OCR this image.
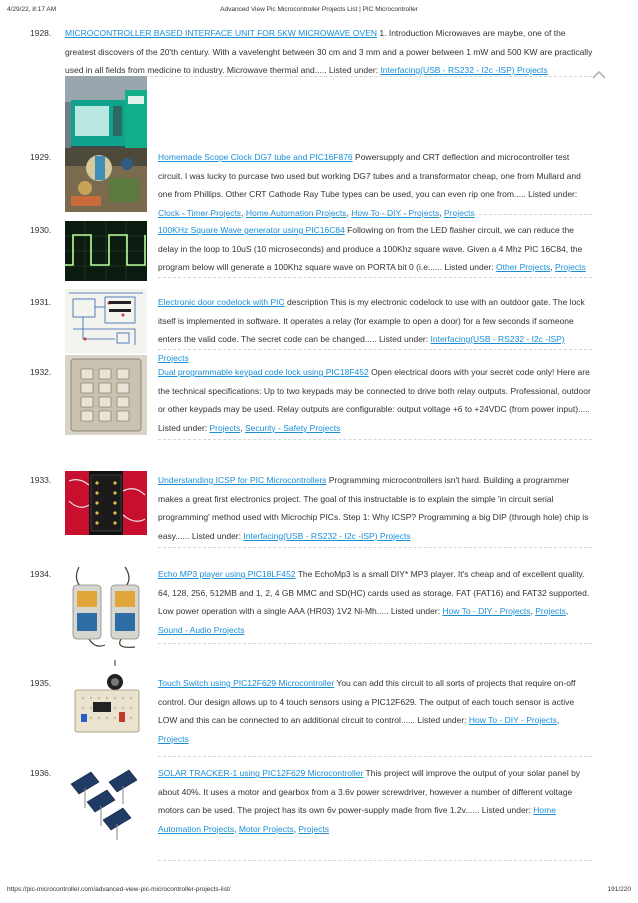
4/29/22, 8:17 AM	Advanced View Pic Microcontroller Projects List | PIC Microcontroller
1928. MICROCONTROLLER BASED INTERFACE UNIT FOR 5KW MICROWAVE OVEN 1. Introduction Microwaves are maybe, one of the greatest discovers of the 20'th century. With a vavelenght between 30 cm and 3 mm and a power between 1 mW and 500 KW are practically used in all fields from medicine to industry. Microwave thermal and..... Listed under: Interfacing(USB - RS232 - I2c -ISP) Projects
1929.	Homemade Scope Clock DG7 tube and PIC16F876 Powersupply and CRT deflection and microcontroller test circuit. I was lucky to purcase two used but working DG7 tubes and a transformator cheap, one from Mullard and one from Phillips. Other CRT Cathode Ray Tube types can be used, you can even rip one from..... Listed under: Clock - Timer Projects, Home Automation Projects, How To - DIY - Projects, Projects
1930.	100KHz Square Wave generator using PIC16C84 Following on from the LED flasher circuit, we can reduce the delay in the loop to 10uS (10 microseconds) and produce a 100Khz square wave. Given a 4 Mhz PIC 16C84, the program below will generate a 100Khz square wave on PORTA bit 0 (i.e...... Listed under: Other Projects, Projects
1931.	Electronic door codelock with PIC description This is my electronic codelock to use with an outdoor gate. The lock itself is implemented in software. It operates a relay (for example to open a door) for a few seconds if someone enters the valid code. The secret code can be changed..... Listed under: Interfacing(USB - RS232 - I2c -ISP) Projects
1932.	Dual programmable keypad code lock using PIC18F452 Open electrical doors with your secret code only! Here are the technical specifications: Up to two keypads may be connected to drive both relay outputs. Professional, outdoor or other keypads may be used. Relay outputs are configurable: output voltage +6 to +24VDC (from power input)..... Listed under: Projects, Security - Safety Projects
1933.	Understanding ICSP for PIC Microcontrollers Programming microcontrollers isn't hard. Building a programmer makes a great first electronics project. The goal of this instructable is to explain the simple 'in circuit serial programming' method used with Microchip PICs. Step 1: Why ICSP? Programming a big DIP (through hole) chip is easy...... Listed under: Interfacing(USB - RS232 - I2c -ISP) Projects
1934.	Echo MP3 player using PIC18LF452 The EchoMp3 is a small DIY* MP3 player. It's cheap and of excellent quality. 64, 128, 256, 512MB and 1, 2, 4 GB MMC and SD(HC) cards used as storage. FAT (FAT16) and FAT32 supported. Low power operation with a single AAA (HR03) 1V2 Ni-Mh..... Listed under: How To - DIY - Projects, Projects, Sound - Audio Projects
1935.	Touch Switch using PIC12F629 Microcontroller You can add this circuit to all sorts of projects that require on-off control. Our design allows up to 4 touch sensors using a PIC12F629. The output of each touch sensor is active LOW and this can be connected to an additional circuit to control...... Listed under: How To - DIY - Projects, Projects
1936.	SOLAR TRACKER-1 using PIC12F629 Microcontroller This project will improve the output of your solar panel by about 40%. It uses a motor and gearbox from a 3.6v power screwdriver, however a number of different voltage motors can be used. The project has its own 6v power-supply made from five 1.2v...... Listed under: Home Automation Projects, Motor Projects, Projects
https://pic-microcontroller.com/advanced-view-pic-microcontroller-projects-list/	191/220
